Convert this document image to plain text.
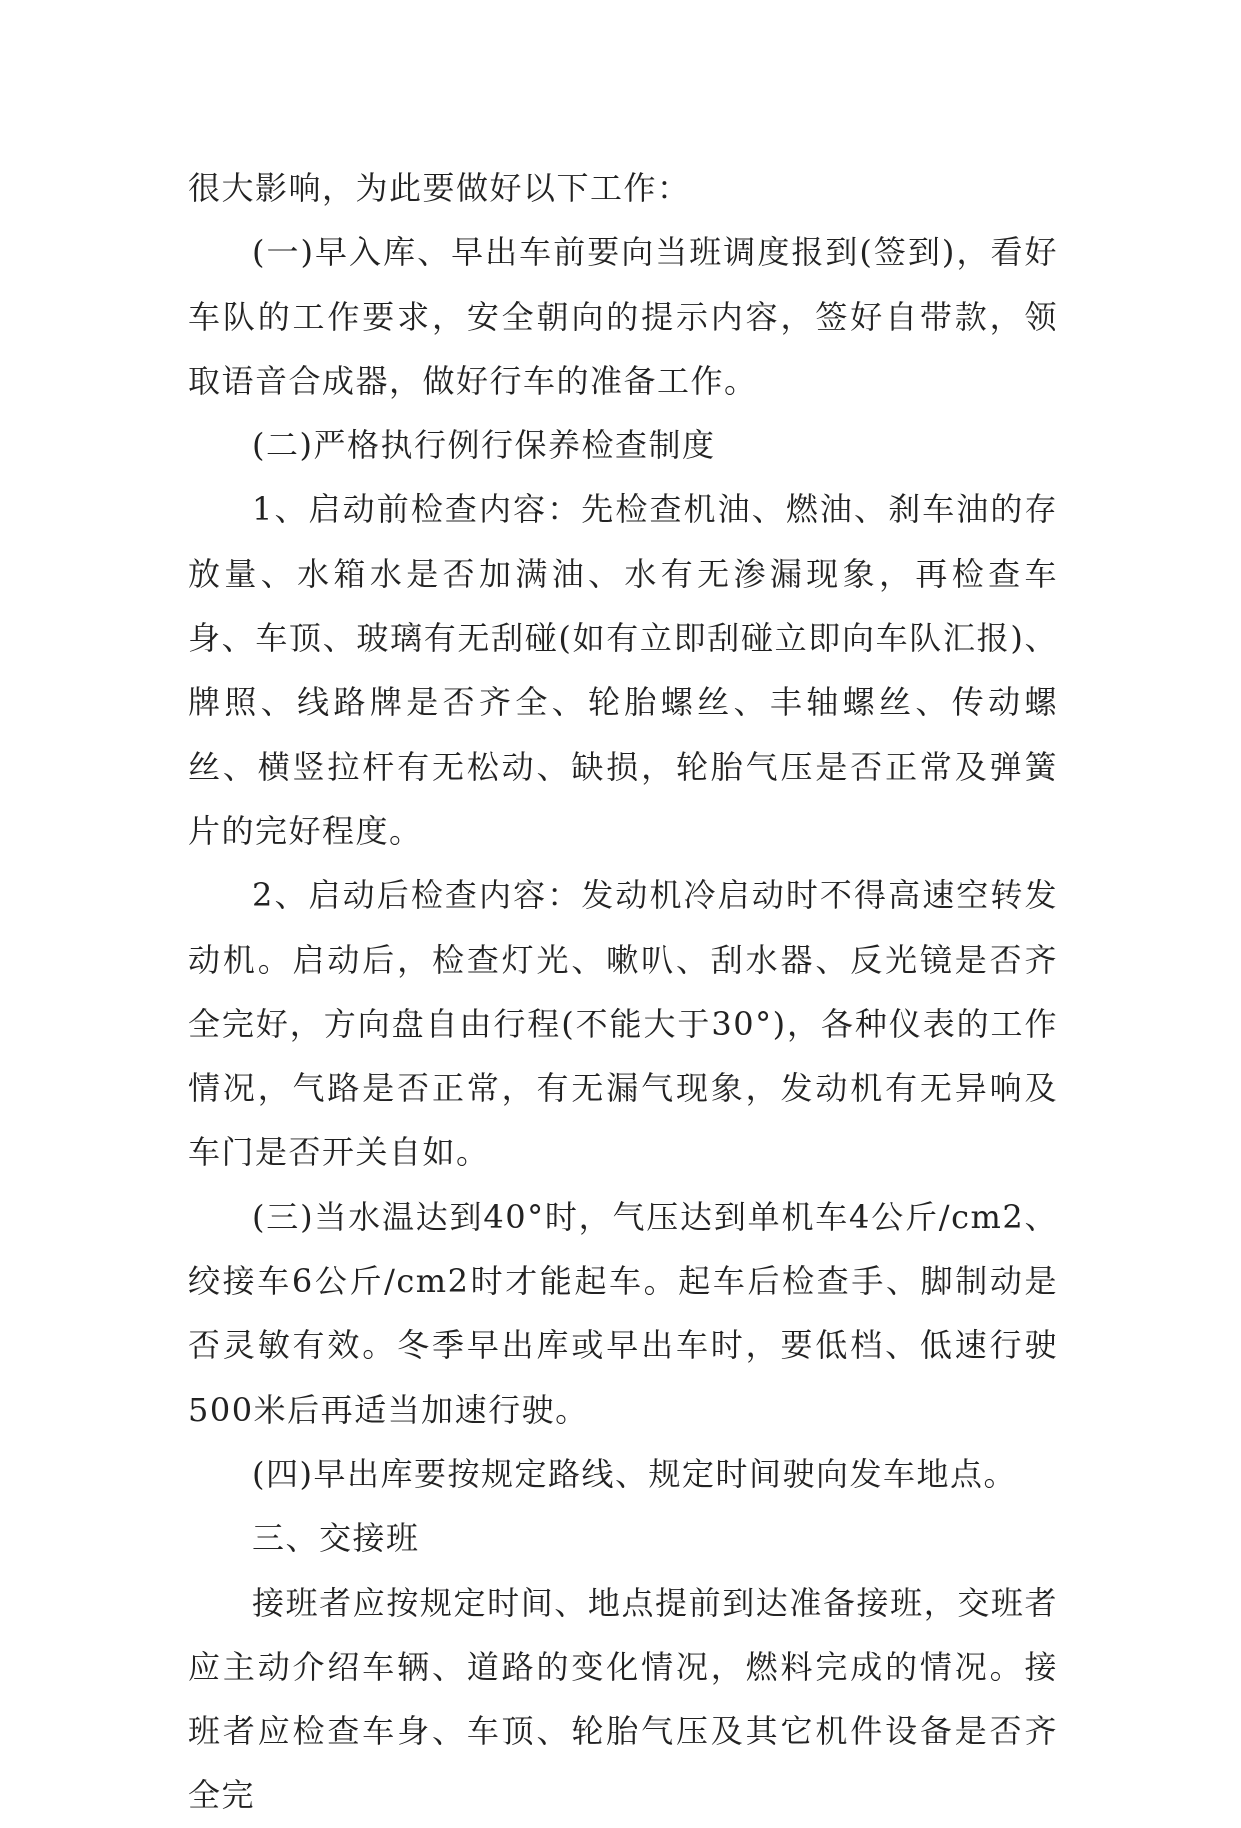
很大影响，为此要做好以下工作：

(一)早入库、早出车前要向当班调度报到(签到)，看好车队的工作要求，安全朝向的提示内容，签好自带款，领取语音合成器，做好行车的准备工作。

(二)严格执行例行保养检查制度

1、启动前检查内容：先检查机油、燃油、刹车油的存放量、水箱水是否加满油、水有无渗漏现象，再检查车身、车顶、玻璃有无刮碰(如有立即刮碰立即向车队汇报)、牌照、线路牌是否齐全、轮胎螺丝、丰轴螺丝、传动螺丝、横竖拉杆有无松动、缺损，轮胎气压是否正常及弹簧片的完好程度。

2、启动后检查内容：发动机冷启动时不得高速空转发动机。启动后，检查灯光、嗽叭、刮水器、反光镜是否齐全完好，方向盘自由行程(不能大于30°)，各种仪表的工作情况，气路是否正常，有无漏气现象，发动机有无异响及车门是否开关自如。

(三)当水温达到40°时，气压达到单机车4公斤/cm2、绞接车6公斤/cm2时才能起车。起车后检查手、脚制动是否灵敏有效。冬季早出库或早出车时，要低档、低速行驶500米后再适当加速行驶。

(四)早出库要按规定路线、规定时间驶向发车地点。

三、交接班

接班者应按规定时间、地点提前到达准备接班，交班者应主动介绍车辆、道路的变化情况，燃料完成的情况。接班者应检查车身、车顶、轮胎气压及其它机件设备是否齐全完
